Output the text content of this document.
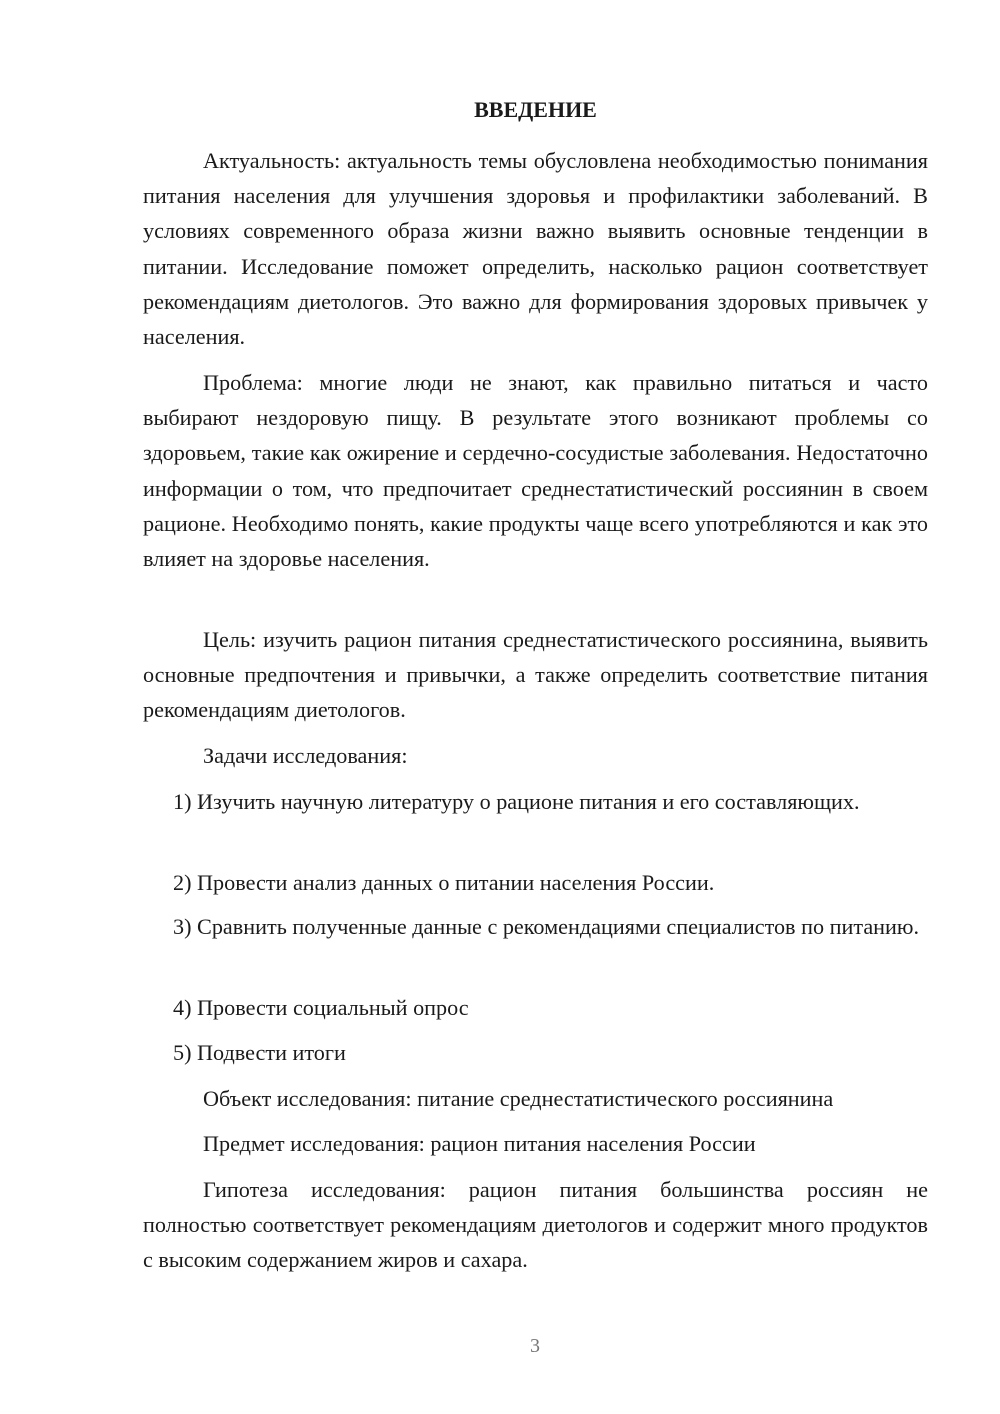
ВВЕДЕНИЕ

Актуальность: актуальность темы обусловлена необходимостью понимания питания населения для улучшения здоровья и профилактики заболеваний. В условиях современного образа жизни важно выявить основные тенденции в питании. Исследование поможет определить, насколько рацион соответствует рекомендациям диетологов. Это важно для формирования здоровых привычек у населения.

Проблема: многие люди не знают, как правильно питаться и часто выбирают нездоровую пищу. В результате этого возникают проблемы со здоровьем, такие как ожирение и сердечно-сосудистые заболевания. Недостаточно информации о том, что предпочитает среднестатистический россиянин в своем рационе. Необходимо понять, какие продукты чаще всего употребляются и как это влияет на здоровье населения.

Цель: изучить рацион питания среднестатистического россиянина, выявить основные предпочтения и привычки, а также определить соответствие питания рекомендациям диетологов.

Задачи исследования:

1) Изучить научную литературу о рационе питания и его составляющих.

2) Провести анализ данных о питании населения России.

3) Сравнить полученные данные с рекомендациями специалистов по питанию.

4) Провести социальный опрос

5) Подвести итоги

Объект исследования: питание среднестатистического россиянина

Предмет исследования: рацион питания населения России

Гипотеза исследования: рацион питания большинства россиян не полностью соответствует рекомендациям диетологов и содержит много продуктов с высоким содержанием жиров и сахара.

3
